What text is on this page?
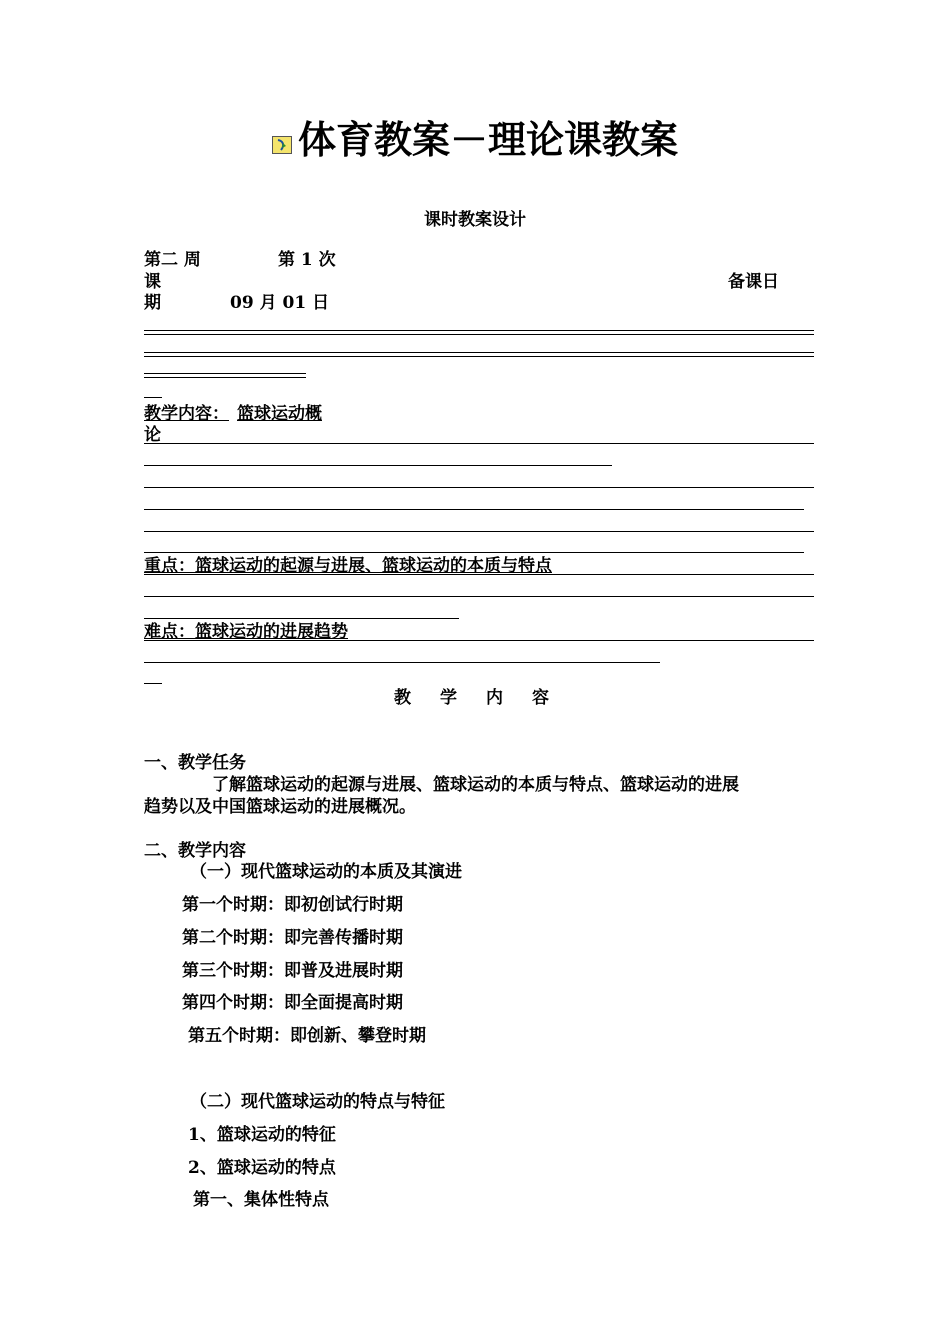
体育教案－理论课教案
课时教案设计
第二 周	第 1 次
课	备课日
期	09 月 01 日
教学内容： 篮球运动概
论
重点：篮球运动的起源与进展、篮球运动的本质与特点
难点：篮球运动的进展趋势
教　学　内　容
一、教学任务
了解篮球运动的起源与进展、篮球运动的本质与特点、篮球运动的进展
趋势以及中国篮球运动的进展概况。
二、教学内容
（一）现代篮球运动的本质及其演进
第一个时期：即初创试行时期
第二个时期：即完善传播时期
第三个时期：即普及进展时期
第四个时期：即全面提高时期
第五个时期：即创新、攀登时期
（二）现代篮球运动的特点与特征
1、篮球运动的特征
2、篮球运动的特点
第一、集体性特点
